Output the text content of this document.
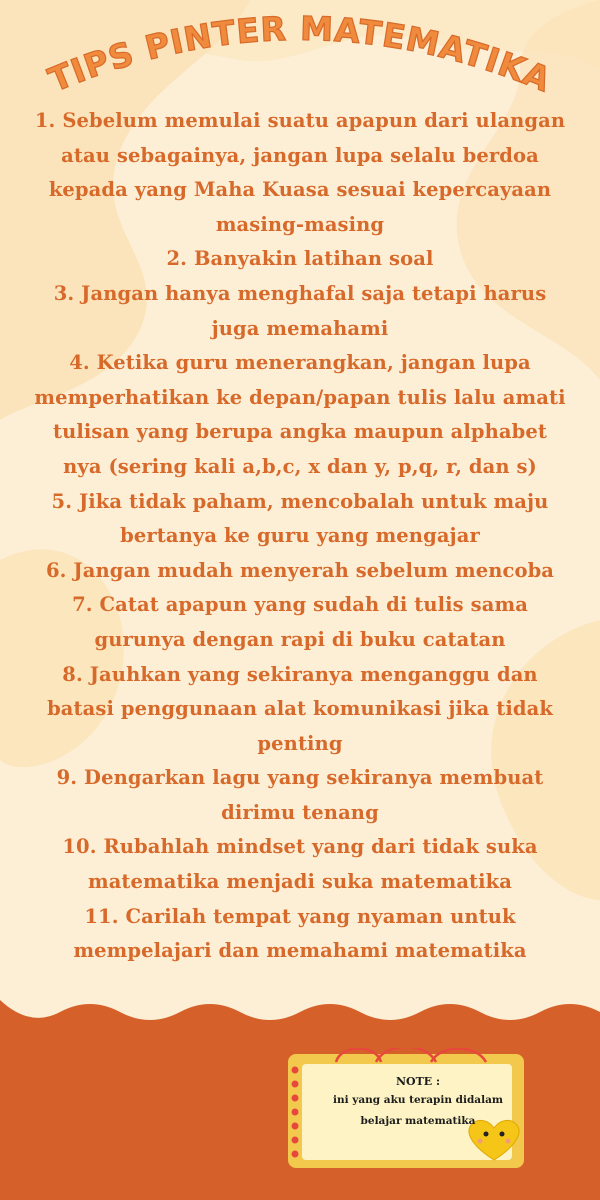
TIPS PINTER MATEMATIKA

1. Sebelum memulai suatu apapun dari ulangan

atau sebagainya, jangan lupa selalu berdoa

kepada yang Maha Kuasa sesuai kepercayaan

masing-masing

2. Banyakin latihan soal

3. Jangan hanya menghafal saja tetapi harus

juga memahami

4. Ketika guru menerangkan, jangan lupa

memperhatikan ke depan/papan tulis lalu amati

tulisan yang berupa angka maupun alphabet

nya (sering kali a,b,c, x dan y, p,q, r, dan s)

5. Jika tidak paham, mencobalah untuk maju

bertanya ke guru yang mengajar

6. Jangan mudah menyerah sebelum mencoba

7. Catat apapun yang sudah di tulis sama

gurunya dengan rapi di buku catatan

8. Jauhkan yang sekiranya menganggu dan

batasi penggunaan alat komunikasi jika tidak

penting

9. Dengarkan lagu yang sekiranya membuat

dirimu tenang

10. Rubahlah mindset yang dari tidak suka

matematika menjadi suka matematika

11. Carilah tempat yang nyaman untuk

mempelajari dan memahami matematika

NOTE :

ini yang aku terapin didalam

belajar matematika
